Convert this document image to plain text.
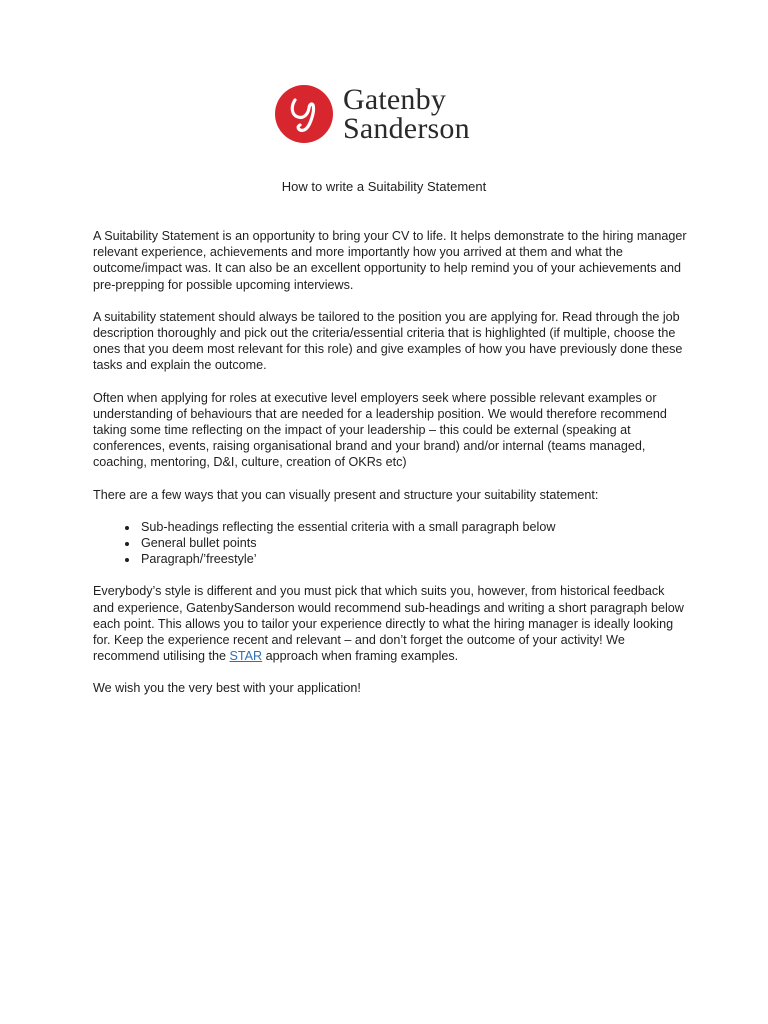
Gatenby
Sanderson
How to write a Suitability Statement

A Suitability Statement is an opportunity to bring your CV to life. It helps demonstrate to the hiring manager relevant experience, achievements and more importantly how you arrived at them and what the outcome/impact was. It can also be an excellent opportunity to help remind you of your achievements and pre-prepping for possible upcoming interviews.

A suitability statement should always be tailored to the position you are applying for. Read through the job description thoroughly and pick out the criteria/essential criteria that is highlighted (if multiple, choose the ones that you deem most relevant for this role) and give examples of how you have previously done these tasks and explain the outcome.

Often when applying for roles at executive level employers seek where possible relevant examples or understanding of behaviours that are needed for a leadership position. We would therefore recommend taking some time reflecting on the impact of your leadership – this could be external (speaking at conferences, events, raising organisational brand and your brand) and/or internal (teams managed, coaching, mentoring, D&I, culture, creation of OKRs etc)

There are a few ways that you can visually present and structure your suitability statement:

• Sub-headings reflecting the essential criteria with a small paragraph below
• General bullet points
• Paragraph/’freestyle’

Everybody’s style is different and you must pick that which suits you, however, from historical feedback and experience, GatenbySanderson would recommend sub-headings and writing a short paragraph below each point. This allows you to tailor your experience directly to what the hiring manager is ideally looking for. Keep the experience recent and relevant – and don’t forget the outcome of your activity! We recommend utilising the STAR approach when framing examples.

We wish you the very best with your application!
